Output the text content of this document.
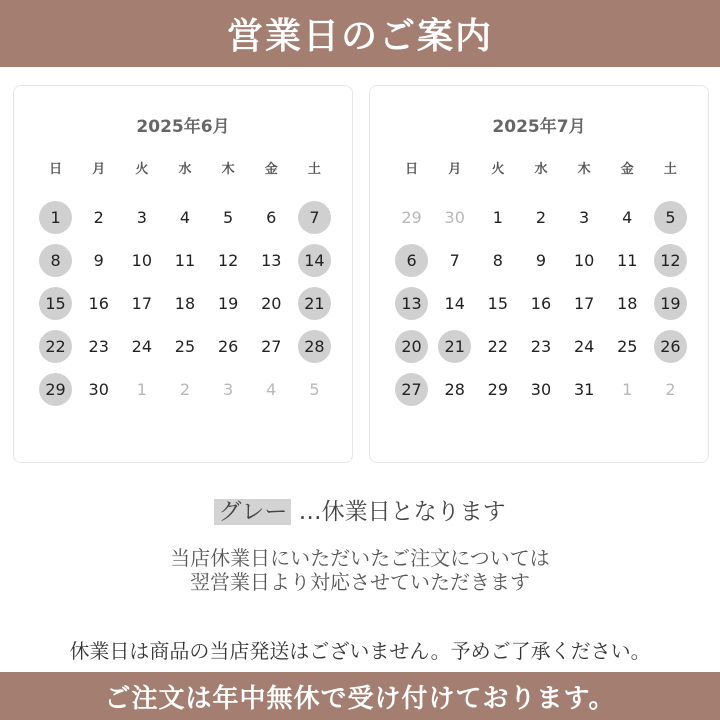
営業日のご案内
2025年6月
日	月	火	水	木	金	土
1	2	3	4	5	6	7
8	9	10	11	12	13	14
15	16	17	18	19	20	21
22	23	24	25	26	27	28
29	30	1	2	3	4	5
2025年7月
日	月	火	水	木	金	土
29	30	1	2	3	4	5
6	7	8	9	10	11	12
13	14	15	16	17	18	19
20	21	22	23	24	25	26
27	28	29	30	31	1	2
グレー …休業日となります
当店休業日にいただいたご注文については
翌営業日より対応させていただきます
休業日は商品の当店発送はございません。予めご了承ください。
ご注文は年中無休で受け付けております。
